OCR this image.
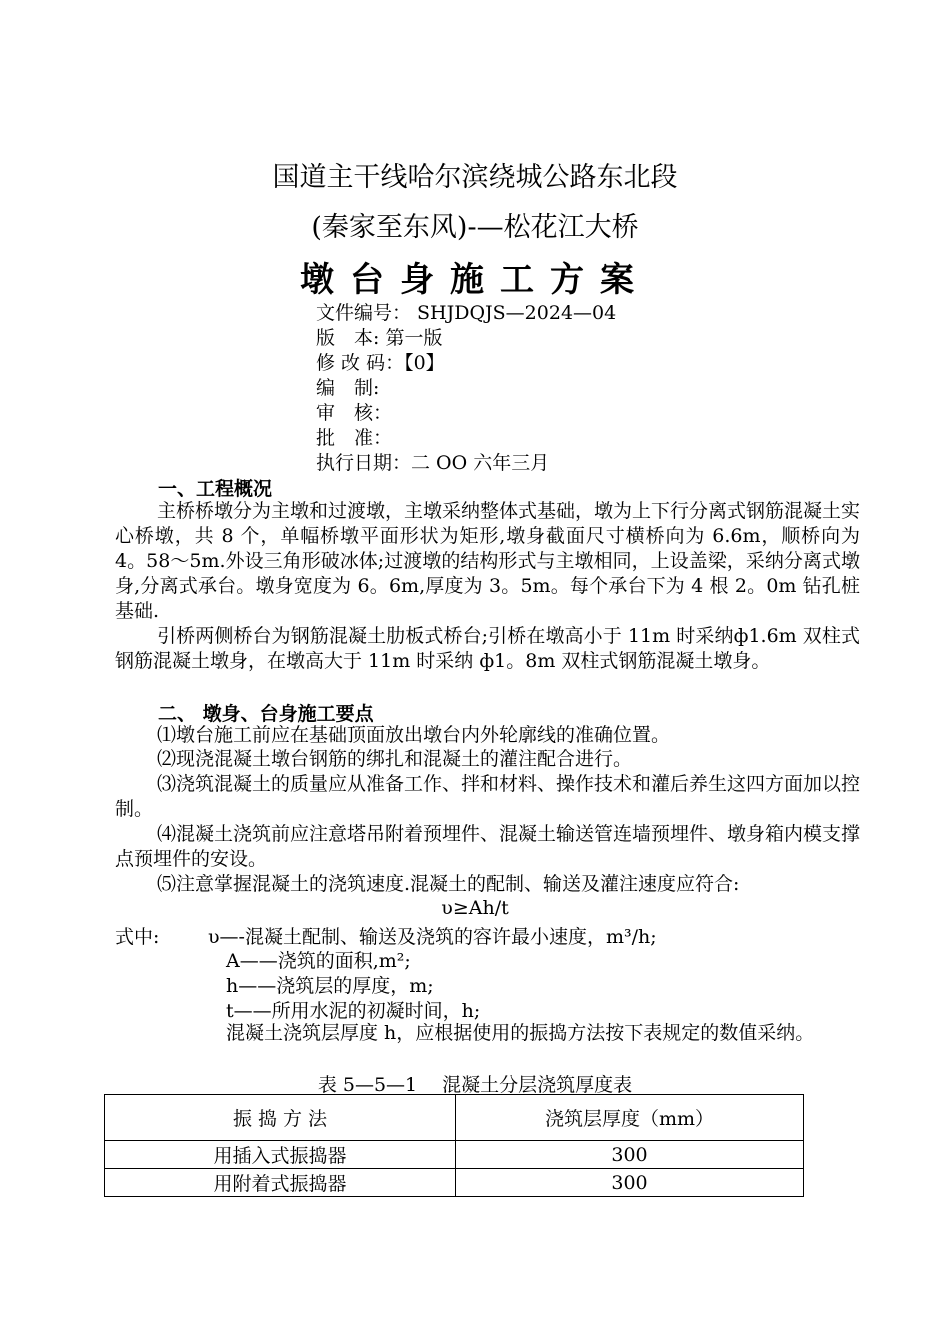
国道主干线哈尔滨绕城公路东北段
(秦家至东风)-—松花江大桥
墩台身施工方案
文件编号： SHJDQJS—2024—04
版　本: 第一版
修 改 码：【0】
编　制:
审　核：
批　准：
执行日期：二 OO 六年三月
一、工程概况
主桥桥墩分为主墩和过渡墩，主墩采纳整体式基础，墩为上下行分离式钢筋混凝土实心桥墩，共 8 个，单幅桥墩平面形状为矩形,墩身截面尺寸横桥向为 6.6m，顺桥向为 4。58～5m.外设三角形破冰体;过渡墩的结构形式与主墩相同，上设盖梁，采纳分离式墩身,分离式承台。墩身宽度为 6。6m,厚度为 3。5m。每个承台下为 4 根 2。0m 钻孔桩基础.
引桥两侧桥台为钢筋混凝土肋板式桥台;引桥在墩高小于 11m 时采纳ф1.6m 双柱式钢筋混凝土墩身，在墩高大于 11m 时采纳 ф1。8m 双柱式钢筋混凝土墩身。
二、 墩身、台身施工要点
⑴墩台施工前应在基础顶面放出墩台内外轮廓线的准确位置。
⑵现浇混凝土墩台钢筋的绑扎和混凝土的灌注配合进行。
⑶浇筑混凝土的质量应从准备工作、拌和材料、操作技术和灌后养生这四方面加以控制。
⑷混凝土浇筑前应注意塔吊附着预埋件、混凝土输送管连墙预埋件、墩身箱内模支撑点预埋件的安设。
⑸注意掌握混凝土的浇筑速度.混凝土的配制、输送及灌注速度应符合:
υ≥Ah/t
式中:	υ—-混凝土配制、输送及浇筑的容许最小速度，m³/h;
A——浇筑的面积,m²;
h——浇筑层的厚度，m;
t——所用水泥的初凝时间，h;
混凝土浇筑层厚度 h，应根据使用的振捣方法按下表规定的数值采纳。
表 5—5—1　 混凝土分层浇筑厚度表
振 捣 方 法	浇筑层厚度（mm）
用插入式振捣器	300
用附着式振捣器	300
